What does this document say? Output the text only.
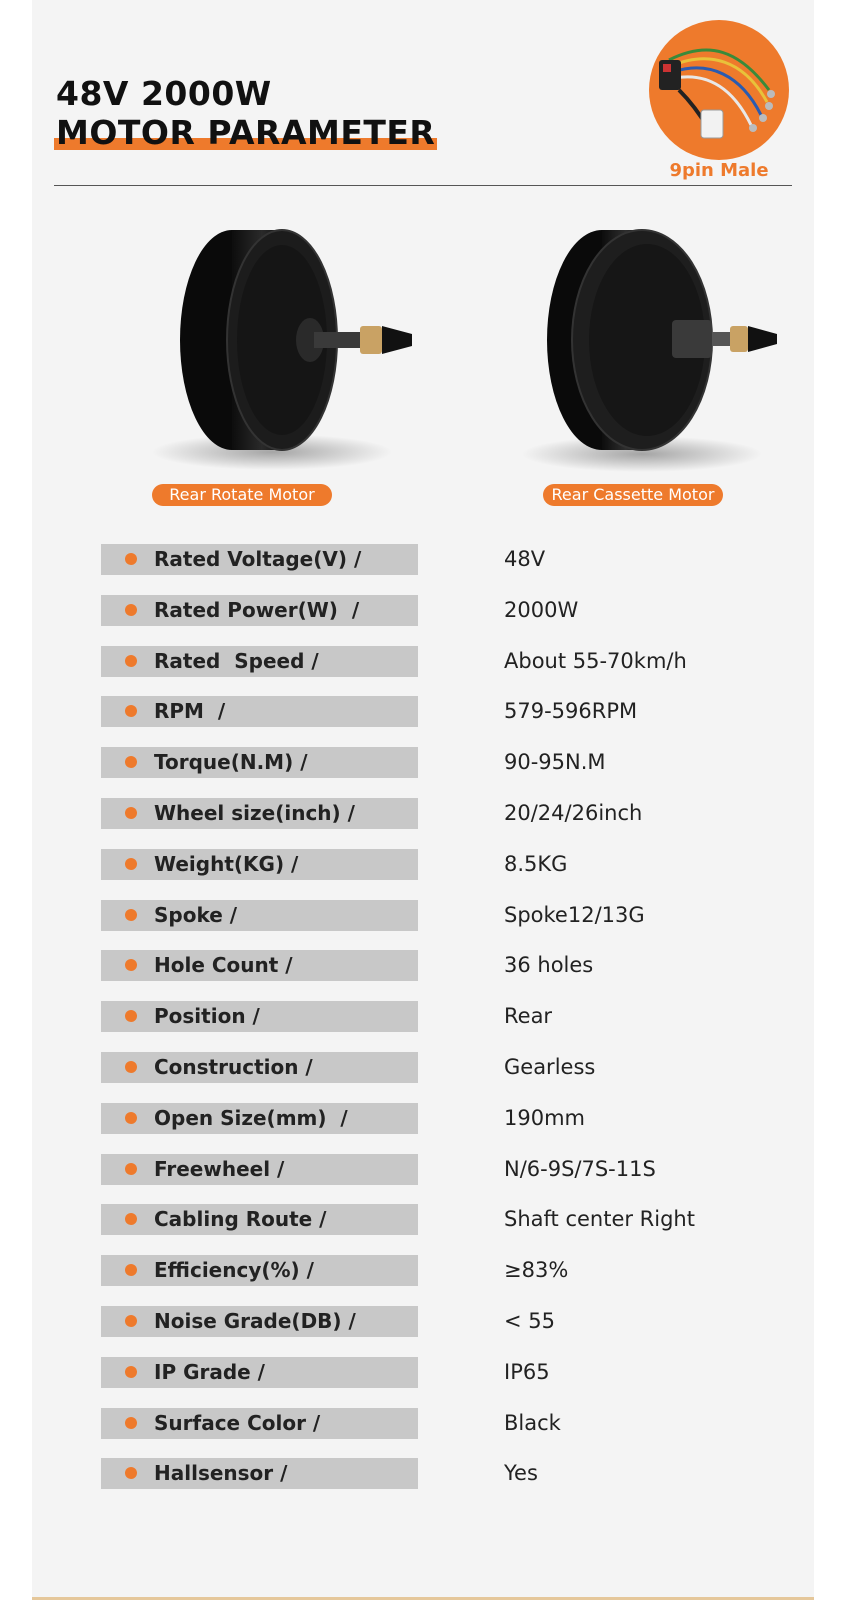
48V 2000W
MOTOR PARAMETER
9pin Male
Rear Rotate Motor	Rear Cassette Motor
Rated Voltage(V) /	48V
Rated Power(W)  /	2000W
Rated  Speed /	About 55-70km/h
RPM  /	579-596RPM
Torque(N.M) /	90-95N.M
Wheel size(inch) /	20/24/26inch
Weight(KG) /	8.5KG
Spoke /	Spoke12/13G
Hole Count /	36 holes
Position /	Rear
Construction /	Gearless
Open Size(mm)  /	190mm
Freewheel /	N/6-9S/7S-11S
Cabling Route /	Shaft center Right
Efficiency(%) /	≥83%
Noise Grade(DB) /	< 55
IP Grade /	IP65
Surface Color /	Black
Hallsensor /	Yes
